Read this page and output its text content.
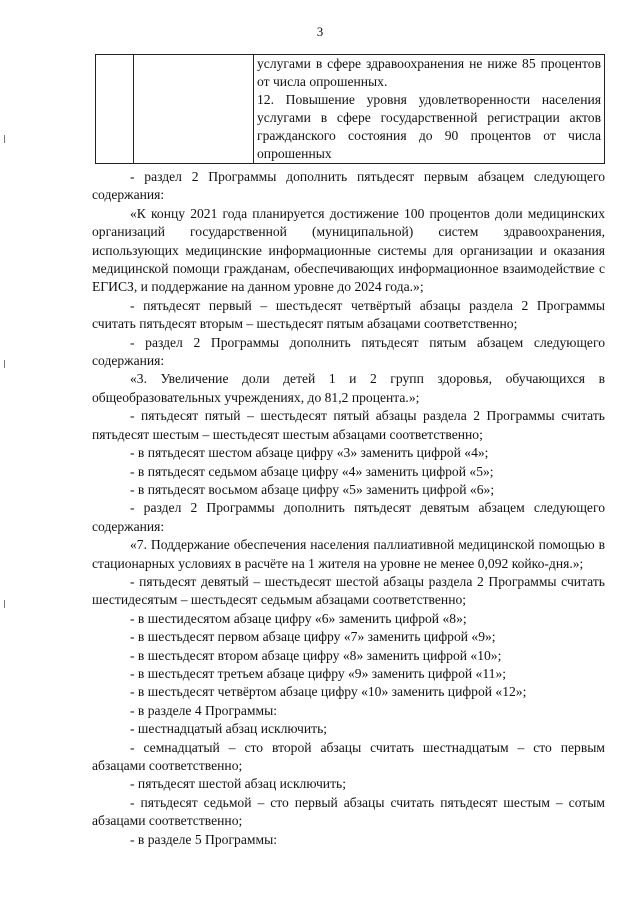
3

услугами в сфере здравоохранения не ниже 85 процентов от числа опрошенных.

12. Повышение уровня удовлетворенности населения услугами в сфере государственной регистрации актов гражданского состояния до 90 процентов от числа опрошенных

- раздел 2 Программы дополнить пятьдесят первым абзацем следующего содержания:

«К концу 2021 года планируется достижение 100 процентов доли медицинских организаций государственной (муниципальной) систем здравоохранения, использующих медицинские информационные системы для организации и оказания медицинской помощи гражданам, обеспечивающих информационное взаимодействие с ЕГИСЗ, и поддержание на данном уровне до 2024 года.»;

- пятьдесят первый – шестьдесят четвёртый абзацы раздела 2 Программы считать пятьдесят вторым – шестьдесят пятым абзацами соответственно;

- раздел 2 Программы дополнить пятьдесят пятым абзацем следующего содержания:

«3. Увеличение доли детей 1 и 2 групп здоровья, обучающихся в общеобразовательных учреждениях, до 81,2 процента.»;

- пятьдесят пятый – шестьдесят пятый абзацы раздела 2 Программы считать пятьдесят шестым – шестьдесят шестым абзацами соответственно;

- в пятьдесят шестом абзаце цифру «3» заменить цифрой «4»;

- в пятьдесят седьмом абзаце цифру «4» заменить цифрой «5»;

- в пятьдесят восьмом абзаце цифру «5» заменить цифрой «6»;

- раздел 2 Программы дополнить пятьдесят девятым абзацем следующего содержания:

«7. Поддержание обеспечения населения паллиативной медицинской помощью в стационарных условиях в расчёте на 1 жителя на уровне не менее 0,092 койко-дня.»;

- пятьдесят девятый – шестьдесят шестой абзацы раздела 2 Программы считать шестидесятым – шестьдесят седьмым абзацами соответственно;

- в шестидесятом абзаце цифру «6» заменить цифрой «8»;

- в шестьдесят первом абзаце цифру «7» заменить цифрой «9»;

- в шестьдесят втором абзаце цифру «8» заменить цифрой «10»;

- в шестьдесят третьем абзаце цифру «9» заменить цифрой «11»;

- в шестьдесят четвёртом абзаце цифру «10» заменить цифрой «12»;

- в разделе 4 Программы:

- шестнадцатый абзац исключить;

- семнадцатый – сто второй абзацы считать шестнадцатым – сто первым абзацами соответственно;

- пятьдесят шестой абзац исключить;

- пятьдесят седьмой – сто первый абзацы считать пятьдесят шестым – сотым абзацами соответственно;

- в разделе 5 Программы:
